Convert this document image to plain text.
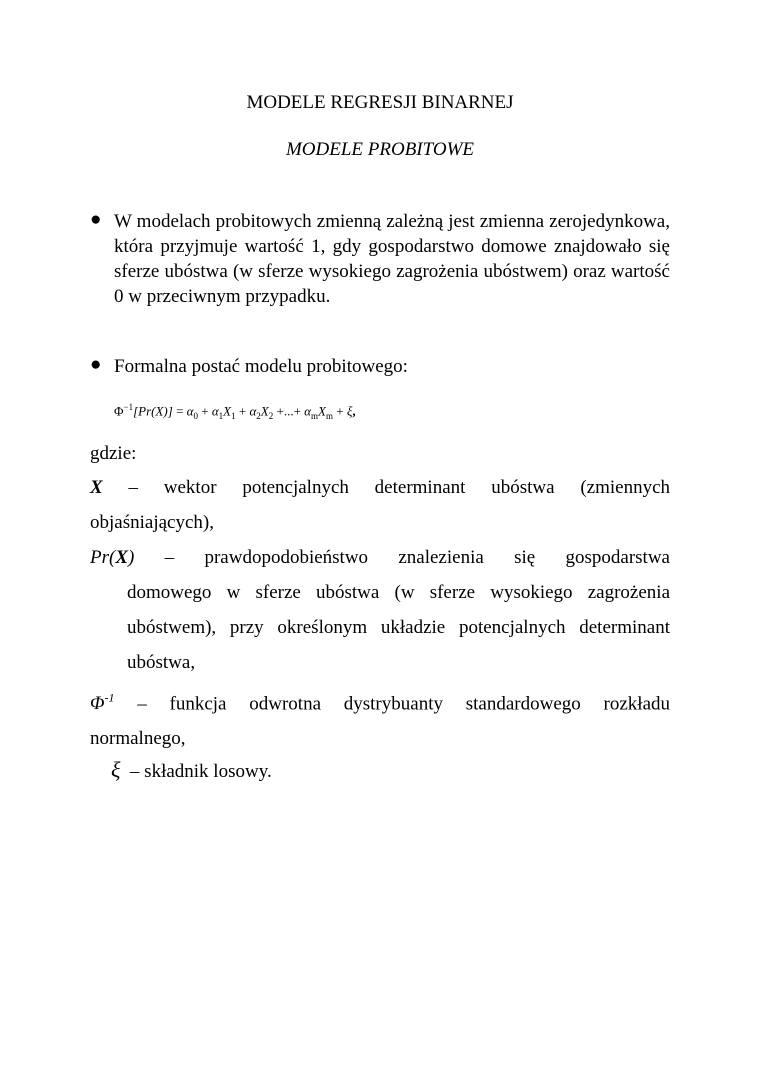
MODELE REGRESJI BINARNEJ
MODELE PROBITOWE
● W modelach probitowych zmienną zależną jest zmienna zerojedynkowa, która przyjmuje wartość 1, gdy gospodarstwo domowe znajdowało się sferze ubóstwa (w sferze wysokiego zagrożenia ubóstwem) oraz wartość 0 w przeciwnym przypadku.
● Formalna postać modelu probitowego:
$\Phi^{-1}[Pr(X)] = \alpha_0 + \alpha_1X_1 + \alpha_2X_2$ +...+ $\alpha_mX_m + \xi$,
gdzie:
X – wektor potencjalnych determinant ubóstwa (zmiennych
objaśniających),
Pr(X) – prawdopodobieństwo znalezienia się gospodarstwa
domowego w sferze ubóstwa (w sferze wysokiego zagrożenia ubóstwem), przy określonym układzie potencjalnych determinant ubóstwa,
$\Phi^{-1}$ – funkcja odwrotna dystrybuanty standardowego rozkładu
normalnego,
ξ – składnik losowy.
